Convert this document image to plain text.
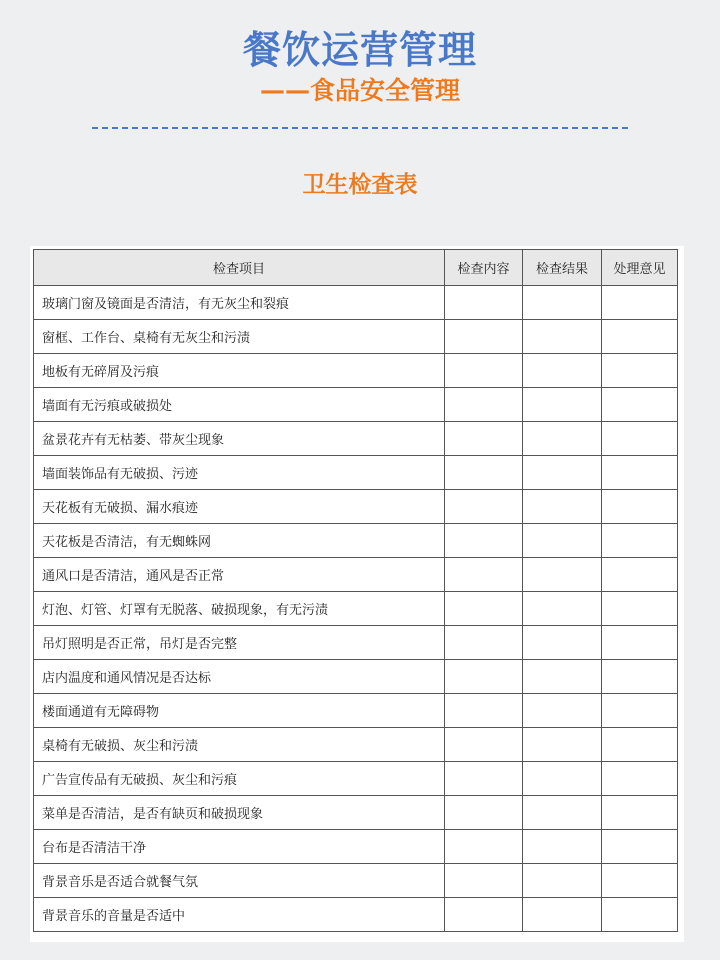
餐饮运营管理
——食品安全管理
卫生检查表
检查项目	检查内容	检查结果	处理意见
玻璃门窗及镜面是否清洁，有无灰尘和裂痕			
窗框、工作台、桌椅有无灰尘和污渍			
地板有无碎屑及污痕			
墙面有无污痕或破损处			
盆景花卉有无枯萎、带灰尘现象			
墙面装饰品有无破损、污迹			
天花板有无破损、漏水痕迹			
天花板是否清洁，有无蜘蛛网			
通风口是否清洁，通风是否正常			
灯泡、灯管、灯罩有无脱落、破损现象，有无污渍			
吊灯照明是否正常，吊灯是否完整			
店内温度和通风情况是否达标			
楼面通道有无障碍物			
桌椅有无破损、灰尘和污渍			
广告宣传品有无破损、灰尘和污痕			
菜单是否清洁，是否有缺页和破损现象			
台布是否清洁干净			
背景音乐是否适合就餐气氛			
背景音乐的音量是否适中			
